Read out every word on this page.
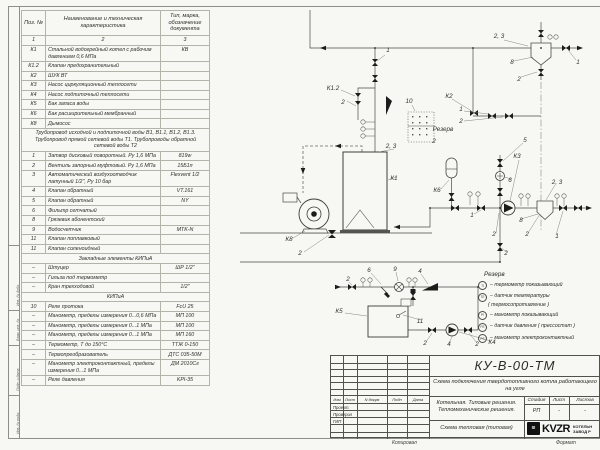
Инв. № дубл.
Взам. инв. №
Подп. и дата
Инв. № подл.
Поз. №	Наименование и техническая характеристика	Тип, марка, обозначение документа
1	2	3
К1	Стальной водогрейный котел с рабочим давлением 0,6 МПа	КВ
К1.2	Клапан предохранительный	
К2	ШУК ВТ	
К3	Насос циркуляционный теплосети	
К4	Насос подпиточный теплосети	
К5	Бак запаса воды	
К6	Бак расширительный мембранный	
К8	Дымосос	
Трубопровод исходной и подпиточной воды В1, В1.1, В1.2, В1.3. Трубопровод прямой сетевой воды Т1. Трубопроводы обратной сетевой воды Т2		
1	Затвор дисковый поворотный. Ру 1,6 МПа	819w
2	Вентиль запорный муфтовый. Ру 1,6 МПа	15Б1п
3	Автоматический воздухоотводчик латунный 1/2", Ру 10 бар	Flexvent 1/2
4	Клапан обратный	VT.161
5	Клапан обратный	NY
6	Фильтр сетчатый	
8	Грязевик абонентский	
9	Водосчетчик	MTK-N
11	Клапан поплавковый	
11	Клапан соленоидный	
Закладные элементы КИПиА		
–	Штуцер	ШР 1/2"
–	Гильза под термометр	
–	Кран трехходовой	1/2"
КИПиА		
10	Реле протока	FcU 25
–	Манометр, пределы измерения 0...0,6 МПа	МП 100
–	Манометр, пределы измерения 0...1 МПа	МП 100
–	Манометр, пределы измерения 0...1 МПа	МП 160
–	Термометр, Т до 150°С	ТТЖ 0-150
–	Термопреобразователь	ДТС 035-50М
–	Манометр электроконтактный, пределы измерения 0...1 МПа	ДМ 2010Сг
–	Реле давления	KPI-35
1
2, 3
8
2
1
К1.2
2	10
К2
1
2
Резерв
2
2, 3
5
К3
К1	6	2, 3
К6
1
8
2	2	1
К8
2	2
6	9	4
2
К5
11
2	4	2 К4
Резерв
TI	– термометр показывающий
TE	– датчик температуры
( термосопротивление )
PI	– манометр показывающий
PE	– датчик давления ( прессостат )
PS	– манометр электроконтактный
КУ-В-00-ТМ
Схема подключения твердотопливного котла работающего на угле
Котельная. Типовые решения.
Тепломеханические решения.
Схема тепловая (типовая)
Стадия	Лист	Листов
РП	-	-
≋ KVZR КОТЕЛЬН
ЗАВОД Р
Изм	Лист	N докум	Подп	Дата
Проект.
Проверил
ГИП
Копировал	Формат
